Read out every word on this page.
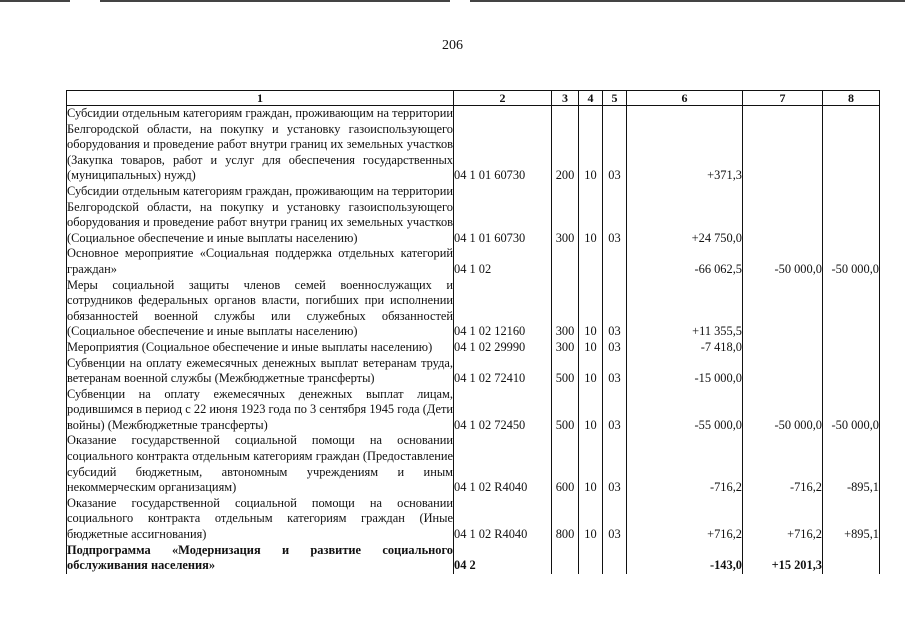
206
1	2	3	4	5	6	7	8
Субсидии отдельным категориям граждан, проживающим на территории Белгородской области, на покупку и установку газоиспользующего оборудования и проведение работ внутри границ их земельных участков (Закупка товаров, работ и услуг для обеспечения государственных (муниципальных) нужд)	04 1 01 60730	200	10	03	+371,3		
Субсидии отдельным категориям граждан, проживающим на территории Белгородской области, на покупку и установку газоиспользующего оборудования и проведение работ внутри границ их земельных участков (Социальное обеспечение и иные выплаты населению)	04 1 01 60730	300	10	03	+24 750,0		
Основное мероприятие «Социальная поддержка отдельных категорий граждан»	04 1 02				-66 062,5	-50 000,0	-50 000,0
Меры социальной защиты членов семей военнослужащих и сотрудников федеральных органов власти, погибших при исполнении обязанностей военной службы или служебных обязанностей (Социальное обеспечение и иные выплаты населению)	04 1 02 12160	300	10	03	+11 355,5		
Мероприятия (Социальное обеспечение и иные выплаты населению)	04 1 02 29990	300	10	03	-7 418,0		
Субвенции на оплату ежемесячных денежных выплат ветеранам труда, ветеранам военной службы (Межбюджетные трансферты)	04 1 02 72410	500	10	03	-15 000,0		
Субвенции на оплату ежемесячных денежных выплат лицам, родившимся в период с 22 июня 1923 года по 3 сентября 1945 года (Дети войны) (Межбюджетные трансферты)	04 1 02 72450	500	10	03	-55 000,0	-50 000,0	-50 000,0
Оказание государственной социальной помощи на основании социального контракта отдельным категориям граждан (Предоставление субсидий бюджетным, автономным учреждениям и иным некоммерческим организациям)	04 1 02 R4040	600	10	03	-716,2	-716,2	-895,1
Оказание государственной социальной помощи на основании социального контракта отдельным категориям граждан (Иные бюджетные ассигнования)	04 1 02 R4040	800	10	03	+716,2	+716,2	+895,1
Подпрограмма «Модернизация и развитие социального обслуживания населения»	04 2				-143,0	+15 201,3	
